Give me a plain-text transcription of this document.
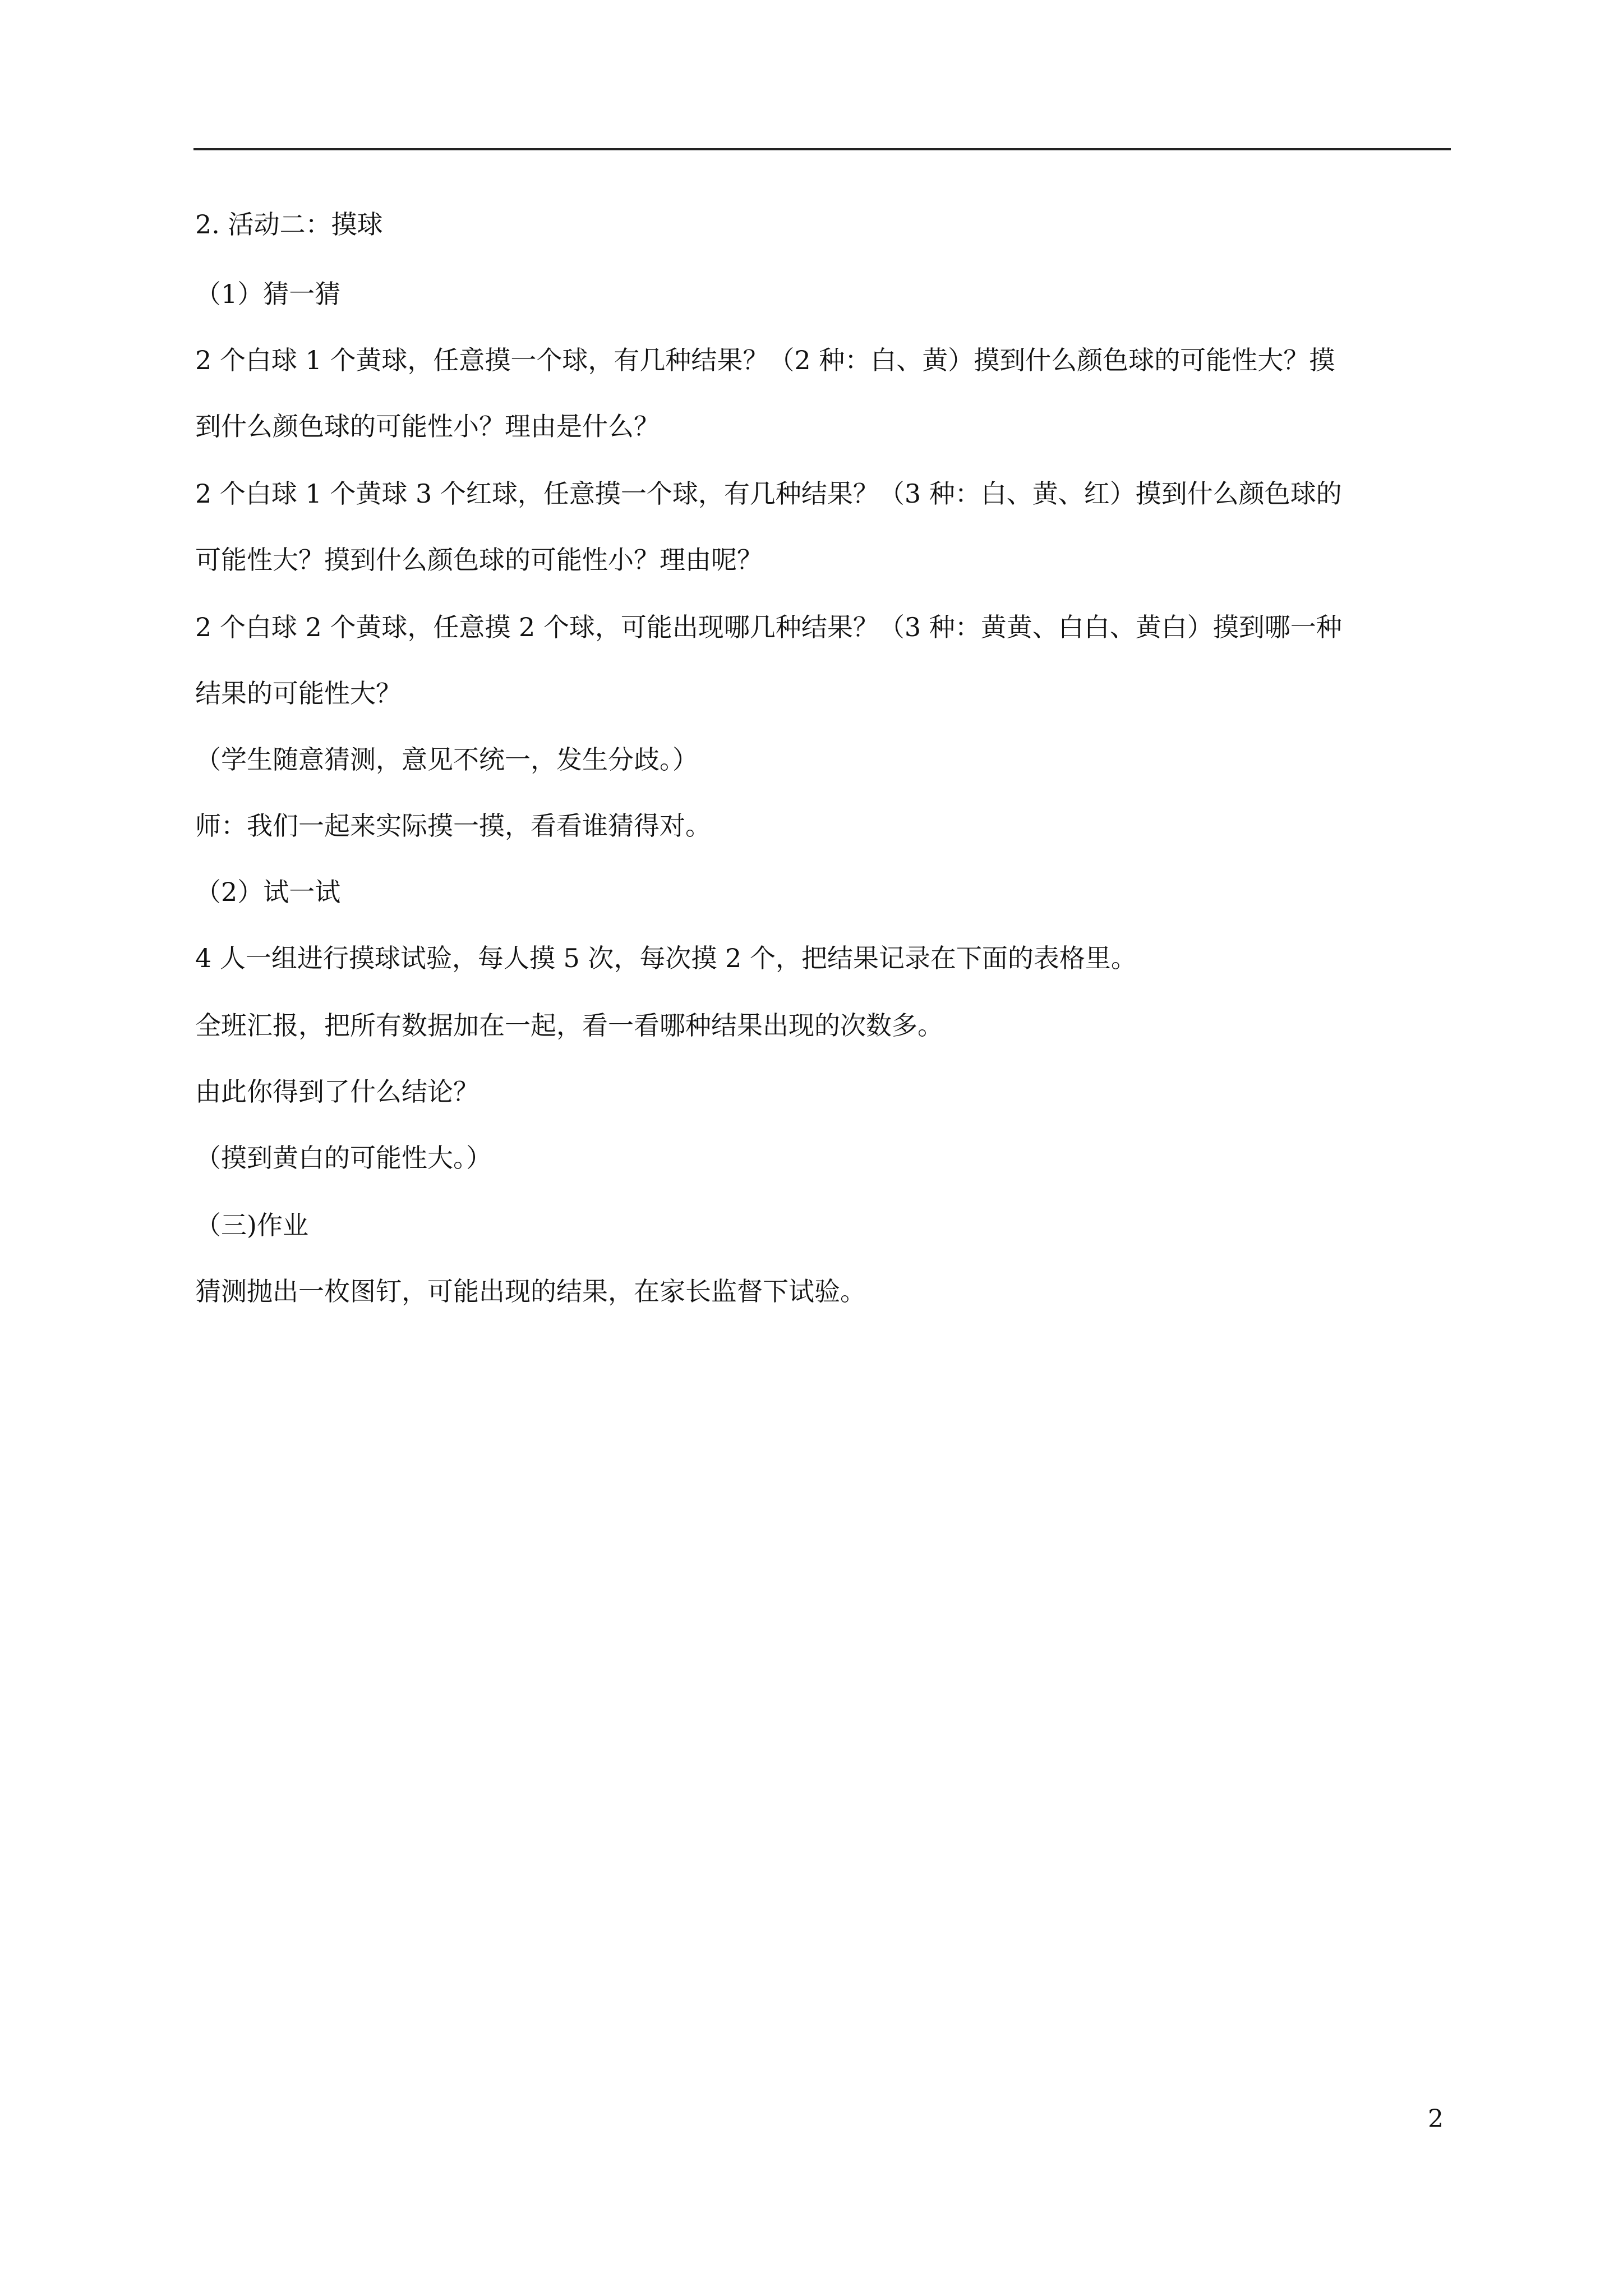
2. 活动二：摸球

（1）猜一猜

2 个白球 1 个黄球，任意摸一个球，有几种结果？（2 种：白、黄）摸到什么颜色球的可能性大？摸

到什么颜色球的可能性小？理由是什么？

2 个白球 1 个黄球 3 个红球，任意摸一个球，有几种结果？（3 种：白、黄、红）摸到什么颜色球的

可能性大？摸到什么颜色球的可能性小？理由呢？

2 个白球 2 个黄球，任意摸 2 个球，可能出现哪几种结果？（3 种：黄黄、白白、黄白）摸到哪一种

结果的可能性大？

（学生随意猜测，意见不统一，发生分歧。）

师：我们一起来实际摸一摸，看看谁猜得对。

（2）试一试

4 人一组进行摸球试验，每人摸 5 次，每次摸 2 个，把结果记录在下面的表格里。

全班汇报，把所有数据加在一起，看一看哪种结果出现的次数多。

由此你得到了什么结论？

（摸到黄白的可能性大。）

（三)作业

猜测抛出一枚图钉，可能出现的结果，在家长监督下试验。

2
